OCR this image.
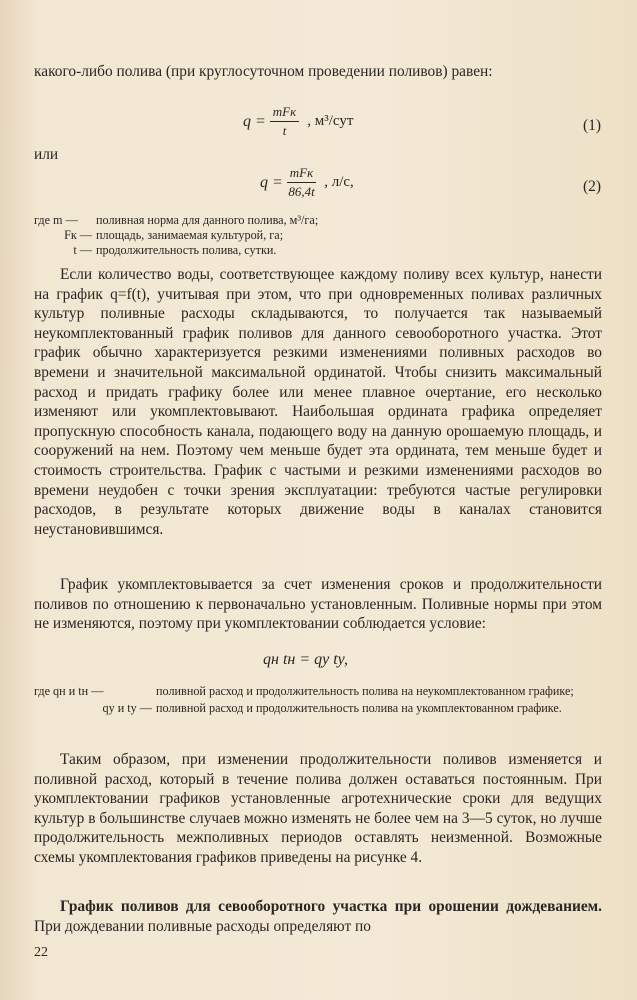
какого-либо полива (при круглосуточном проведении поливов) равен:
$q = \frac{\text{mFк}}{t}$ , м³/сут	(1)
или
$q = \frac{\text{mFк}}{86,4t}$ , л/с,	(2)
где m —	поливная норма для данного полива, м³/га;
Fк — площадь, занимаемая культурой, га;
t — продолжительность полива, сутки.
Если количество воды, соответствующее каждому поливу всех культур, нанести на график q=f(t), учитывая при этом, что при одновременных поливах различных культур поливные расходы складываются, то получается так называемый неукомплектованный график поливов для данного севооборотного участка. Этот график обычно характеризуется резкими изменениями поливных расходов во времени и значительной максимальной ординатой. Чтобы снизить максимальный расход и придать графику более или менее плавное очертание, его несколько изменяют или укомплектовывают. Наибольшая ордината графика определяет пропускную способность канала, подающего воду на данную орошаемую площадь, и сооружений на нем. Поэтому чем меньше будет эта ордината, тем меньше будет и стоимость строительства. График с частыми и резкими изменениями расходов во времени неудобен с точки зрения эксплуатации: требуются частые регулировки расходов, в результате которых движение воды в каналах становится неустановившимся.
График укомплектовывается за счет изменения сроков и продолжительности поливов по отношению к первоначально установленным. Поливные нормы при этом не изменяются, поэтому при укомплектовании соблюдается условие:
qн tн = qу tу,
где qн и tн —	поливной расход и продолжительность полива на неукомплектованном графике;
qу и tу — поливной расход и продолжительность полива на укомплектованном графике.
Таким образом, при изменении продолжительности поливов изменяется и поливной расход, который в течение полива должен оставаться постоянным. При укомплектовании графиков установленные агротехнические сроки для ведущих культур в большинстве случаев можно изменять не более чем на 3—5 суток, но лучше продолжительность межполивных периодов оставлять неизменной. Возможные схемы укомплектования графиков приведены на рисунке 4.
График поливов для севооборотного участка при орошении дождеванием. При дождевании поливные расходы определяют по
22
